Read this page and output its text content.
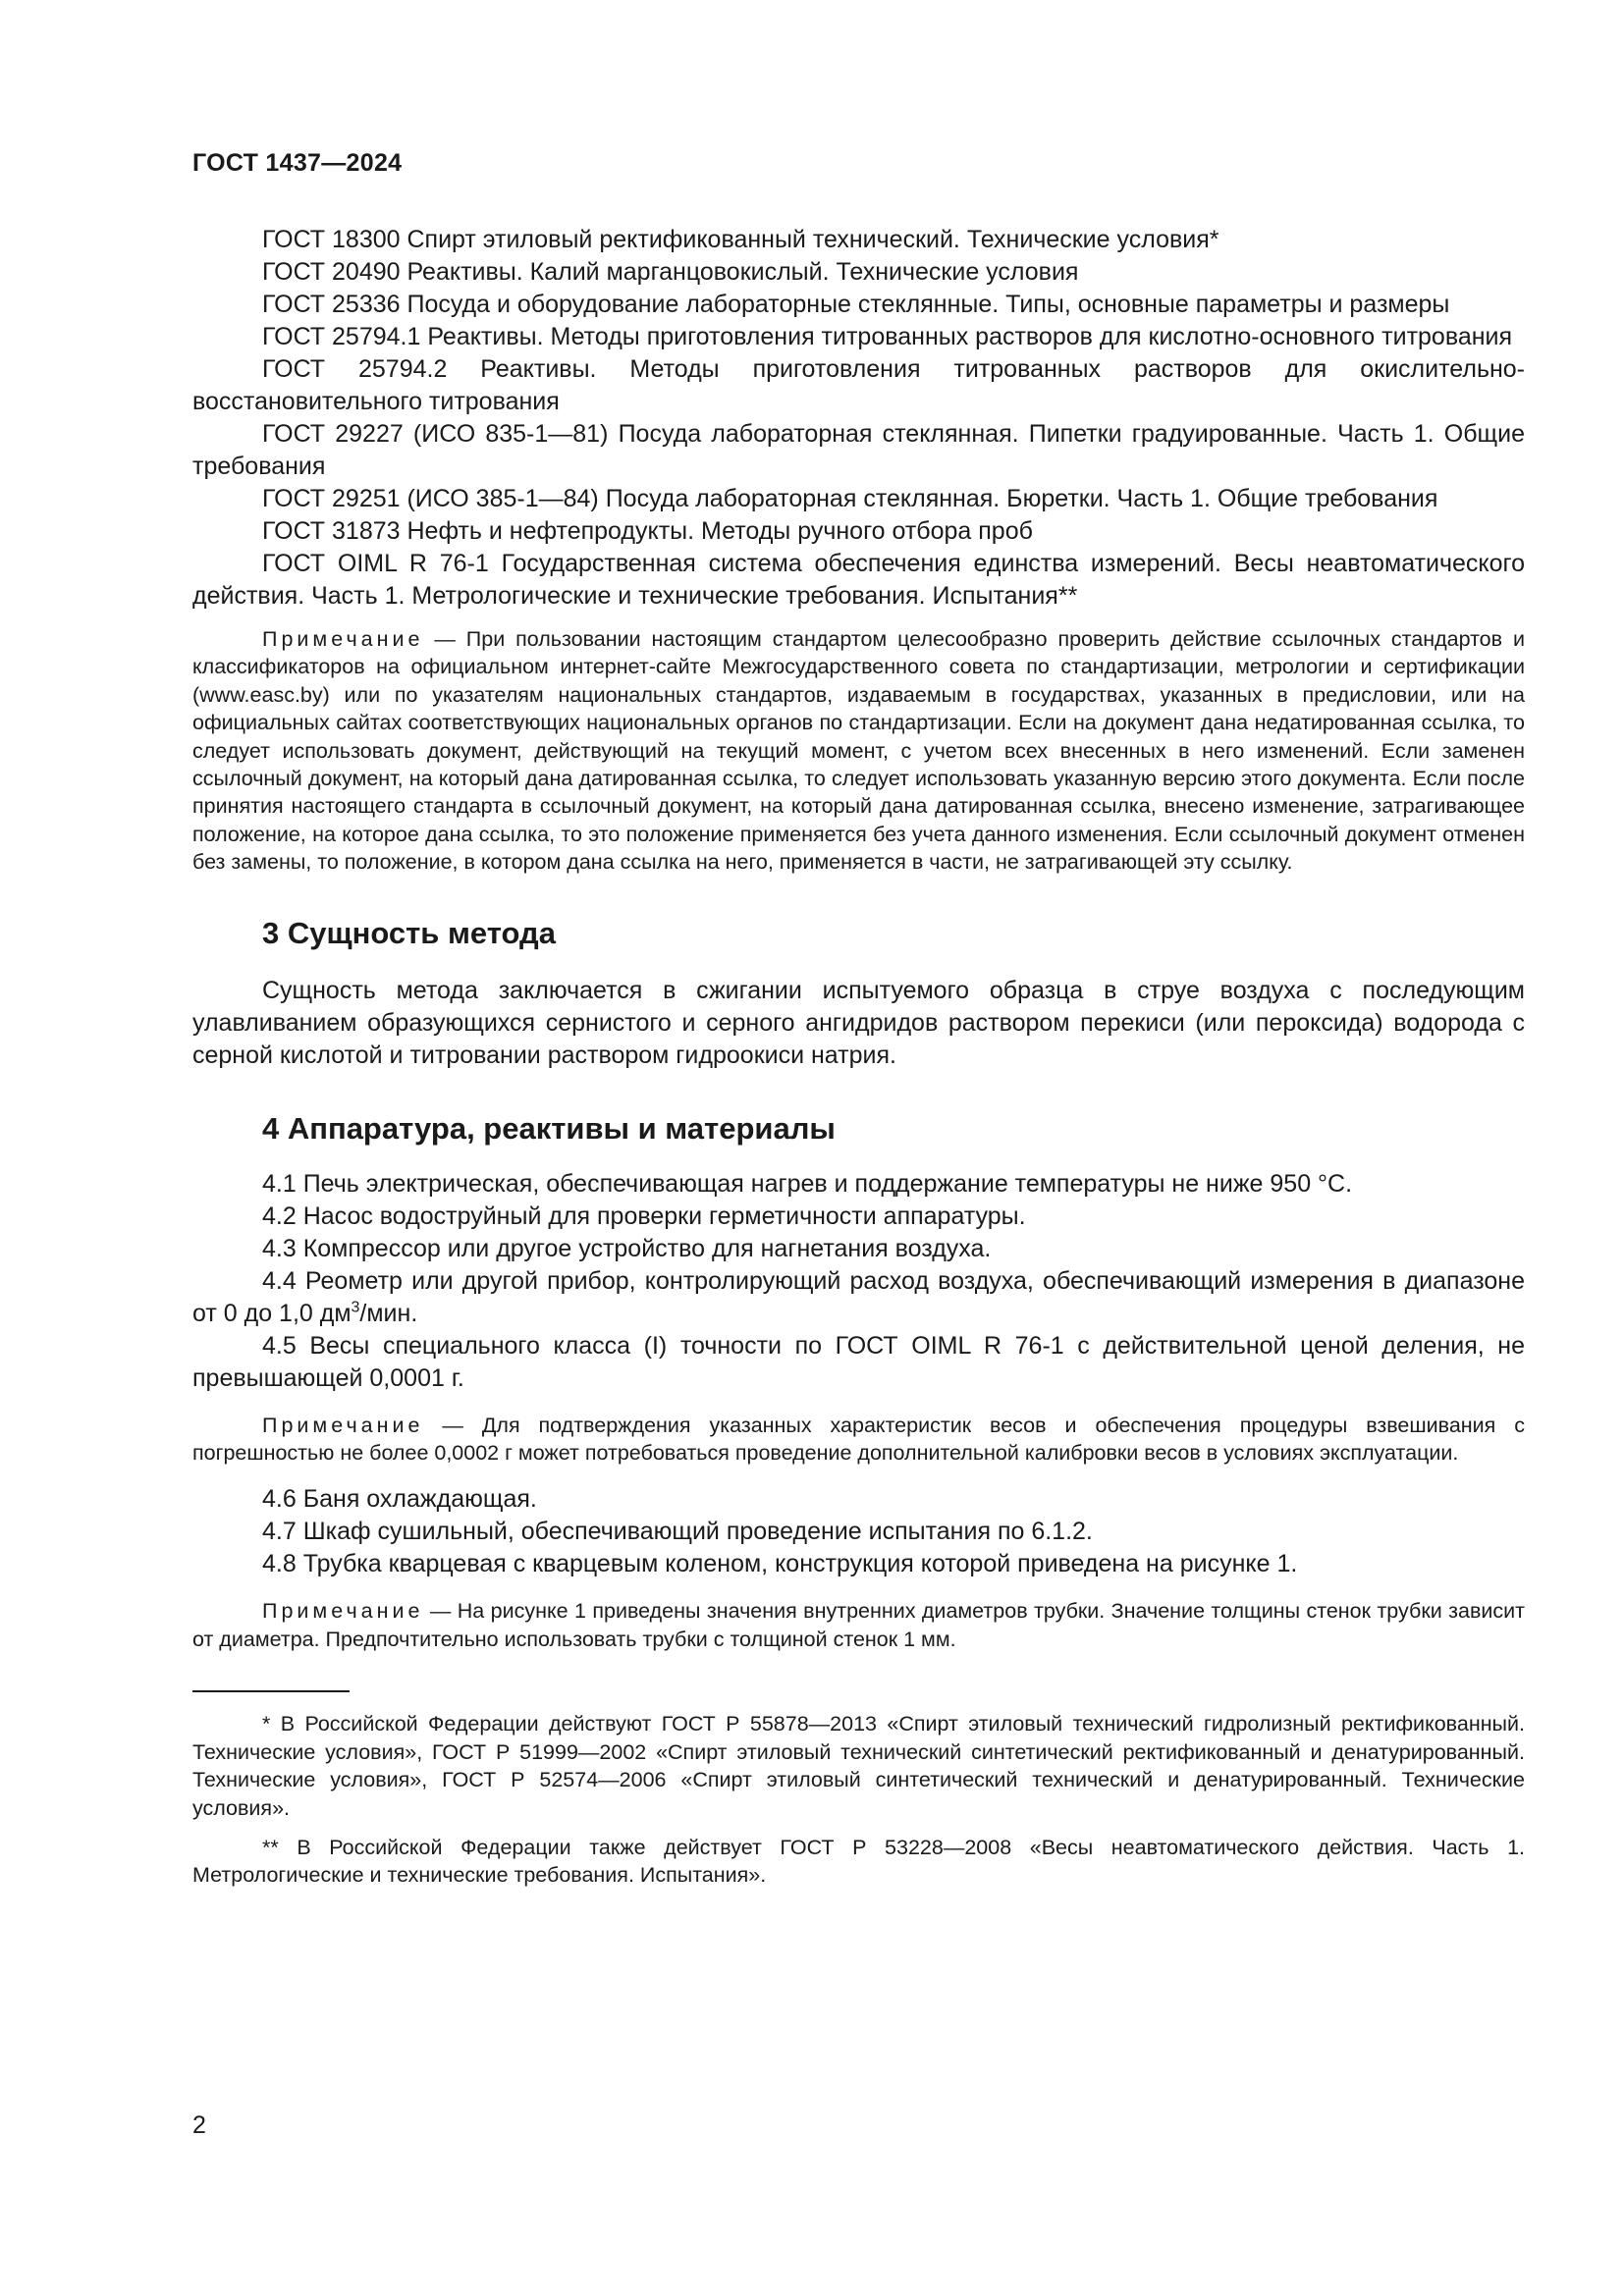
ГОСТ 1437—2024

ГОСТ 18300 Спирт этиловый ректификованный технический. Технические условия*

ГОСТ 20490 Реактивы. Калий марганцовокислый. Технические условия

ГОСТ 25336 Посуда и оборудование лабораторные стеклянные. Типы, основные параметры и размеры

ГОСТ 25794.1 Реактивы. Методы приготовления титрованных растворов для кислотно-основного титрования

ГОСТ 25794.2 Реактивы. Методы приготовления титрованных растворов для окислительно-восстановительного титрования

ГОСТ 29227 (ИСО 835-1—81) Посуда лабораторная стеклянная. Пипетки градуированные. Часть 1. Общие требования

ГОСТ 29251 (ИСО 385-1—84) Посуда лабораторная стеклянная. Бюретки. Часть 1. Общие требования

ГОСТ 31873 Нефть и нефтепродукты. Методы ручного отбора проб

ГОСТ OIML R 76-1 Государственная система обеспечения единства измерений. Весы неавтоматического действия. Часть 1. Метрологические и технические требования. Испытания**

Примечание — При пользовании настоящим стандартом целесообразно проверить действие ссылочных стандартов и классификаторов на официальном интернет-сайте Межгосударственного совета по стандартизации, метрологии и сертификации (www.easc.by) или по указателям национальных стандартов, издаваемым в государствах, указанных в предисловии, или на официальных сайтах соответствующих национальных органов по стандартизации. Если на документ дана недатированная ссылка, то следует использовать документ, действующий на текущий момент, с учетом всех внесенных в него изменений. Если заменен ссылочный документ, на который дана датированная ссылка, то следует использовать указанную версию этого документа. Если после принятия настоящего стандарта в ссылочный документ, на который дана датированная ссылка, внесено изменение, затрагивающее положение, на которое дана ссылка, то это положение применяется без учета данного изменения. Если ссылочный документ отменен без замены, то положение, в котором дана ссылка на него, применяется в части, не затрагивающей эту ссылку.

3 Сущность метода

Сущность метода заключается в сжигании испытуемого образца в струе воздуха с последующим улавливанием образующихся сернистого и серного ангидридов раствором перекиси (или пероксида) водорода с серной кислотой и титровании раствором гидроокиси натрия.

4 Аппаратура, реактивы и материалы

4.1 Печь электрическая, обеспечивающая нагрев и поддержание температуры не ниже 950 °С.

4.2 Насос водоструйный для проверки герметичности аппаратуры.

4.3 Компрессор или другое устройство для нагнетания воздуха.

4.4 Реометр или другой прибор, контролирующий расход воздуха, обеспечивающий измерения в диапазоне от 0 до 1,0 $дм^3$/мин.

4.5 Весы специального класса (I) точности по ГОСТ OIML R 76-1 с действительной ценой деления, не превышающей 0,0001 г.

Примечание — Для подтверждения указанных характеристик весов и обеспечения процедуры взвешивания с погрешностью не более 0,0002 г может потребоваться проведение дополнительной калибровки весов в условиях эксплуатации.

4.6 Баня охлаждающая.

4.7 Шкаф сушильный, обеспечивающий проведение испытания по 6.1.2.

4.8 Трубка кварцевая с кварцевым коленом, конструкция которой приведена на рисунке 1.

Примечание — На рисунке 1 приведены значения внутренних диаметров трубки. Значение толщины стенок трубки зависит от диаметра. Предпочтительно использовать трубки с толщиной стенок 1 мм.

* В Российской Федерации действуют ГОСТ Р 55878—2013 «Спирт этиловый технический гидролизный ректификованный. Технические условия», ГОСТ Р 51999—2002 «Спирт этиловый технический синтетический ректификованный и денатурированный. Технические условия», ГОСТ Р 52574—2006 «Спирт этиловый синтетический технический и денатурированный. Технические условия».

** В Российской Федерации также действует ГОСТ Р 53228—2008 «Весы неавтоматического действия. Часть 1. Метрологические и технические требования. Испытания».

2
